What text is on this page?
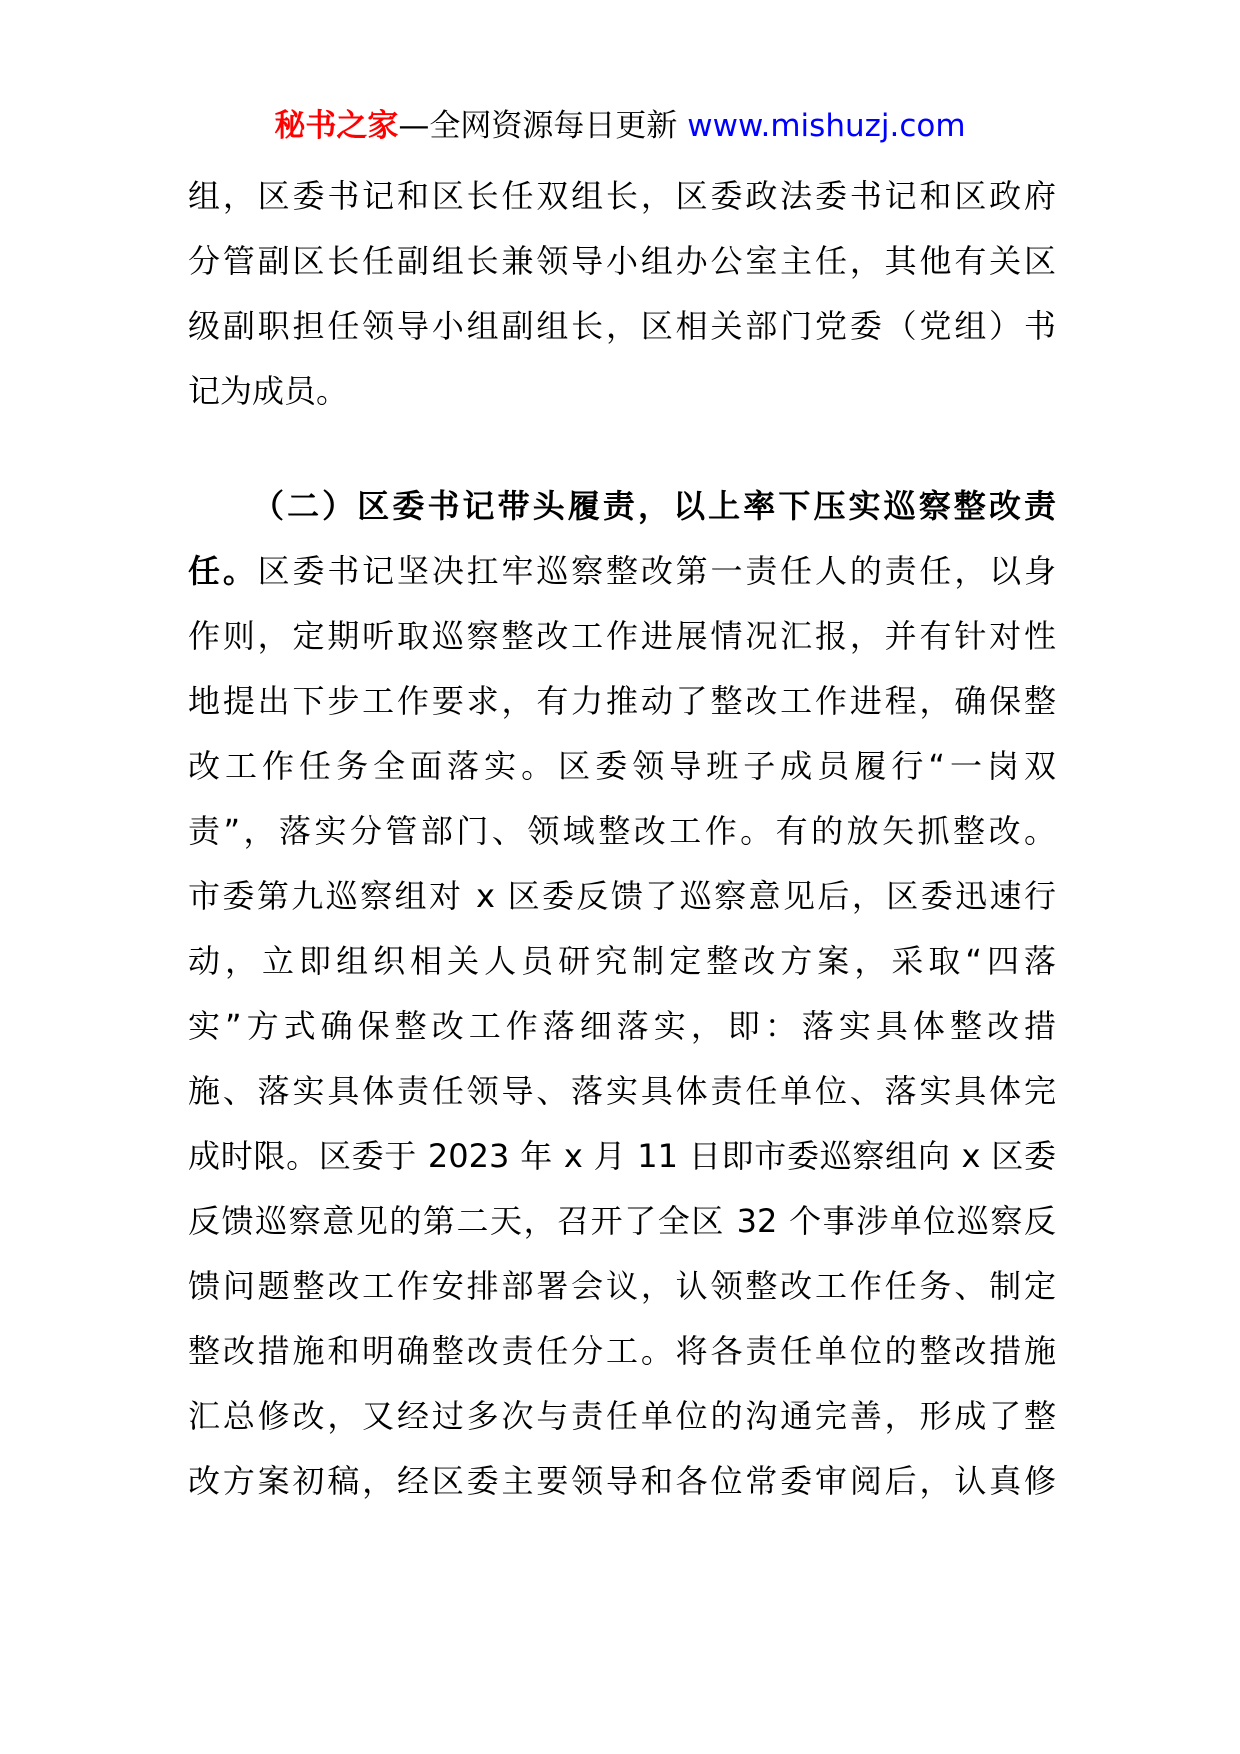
秘书之家—全网资源每日更新 www.mishuzj.com
组，区委书记和区长任双组长，区委政法委书记和区政府
分管副区长任副组长兼领导小组办公室主任，其他有关区
级副职担任领导小组副组长，区相关部门党委（党组）书
记为成员。
（二）区委书记带头履责，以上率下压实巡察整改责
任。区委书记坚决扛牢巡察整改第一责任人的责任，以身
作则，定期听取巡察整改工作进展情况汇报，并有针对性
地提出下步工作要求，有力推动了整改工作进程，确保整
改工作任务全面落实。区委领导班子成员履行“一岗双
责”，落实分管部门、领域整改工作。有的放矢抓整改。
市委第九巡察组对 x 区委反馈了巡察意见后，区委迅速行
动，立即组织相关人员研究制定整改方案，采取“四落
实”方式确保整改工作落细落实，即：落实具体整改措
施、落实具体责任领导、落实具体责任单位、落实具体完
成时限。区委于 2023 年 x 月 11 日即市委巡察组向 x 区委
反馈巡察意见的第二天，召开了全区 32 个事涉单位巡察反
馈问题整改工作安排部署会议，认领整改工作任务、制定
整改措施和明确整改责任分工。将各责任单位的整改措施
汇总修改，又经过多次与责任单位的沟通完善，形成了整
改方案初稿，经区委主要领导和各位常委审阅后，认真修
